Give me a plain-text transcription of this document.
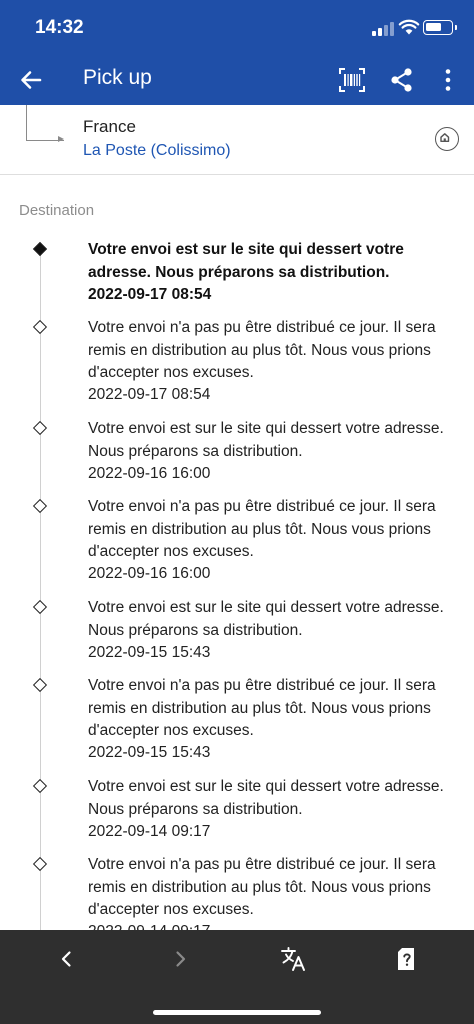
14:32
Pick up
France
La Poste (Colissimo)
Destination
Votre envoi est sur le site qui dessert votre adresse. Nous préparons sa distribution.
2022-09-17 08:54
Votre envoi n'a pas pu être distribué ce jour. Il sera remis en distribution au plus tôt. Nous vous prions d'accepter nos excuses.
2022-09-17 08:54
Votre envoi est sur le site qui dessert votre adresse. Nous préparons sa distribution.
2022-09-16 16:00
Votre envoi n'a pas pu être distribué ce jour. Il sera remis en distribution au plus tôt. Nous vous prions d'accepter nos excuses.
2022-09-16 16:00
Votre envoi est sur le site qui dessert votre adresse. Nous préparons sa distribution.
2022-09-15 15:43
Votre envoi n'a pas pu être distribué ce jour. Il sera remis en distribution au plus tôt. Nous vous prions d'accepter nos excuses.
2022-09-15 15:43
Votre envoi est sur le site qui dessert votre adresse. Nous préparons sa distribution.
2022-09-14 09:17
Votre envoi n'a pas pu être distribué ce jour. Il sera remis en distribution au plus tôt. Nous vous prions d'accepter nos excuses.
